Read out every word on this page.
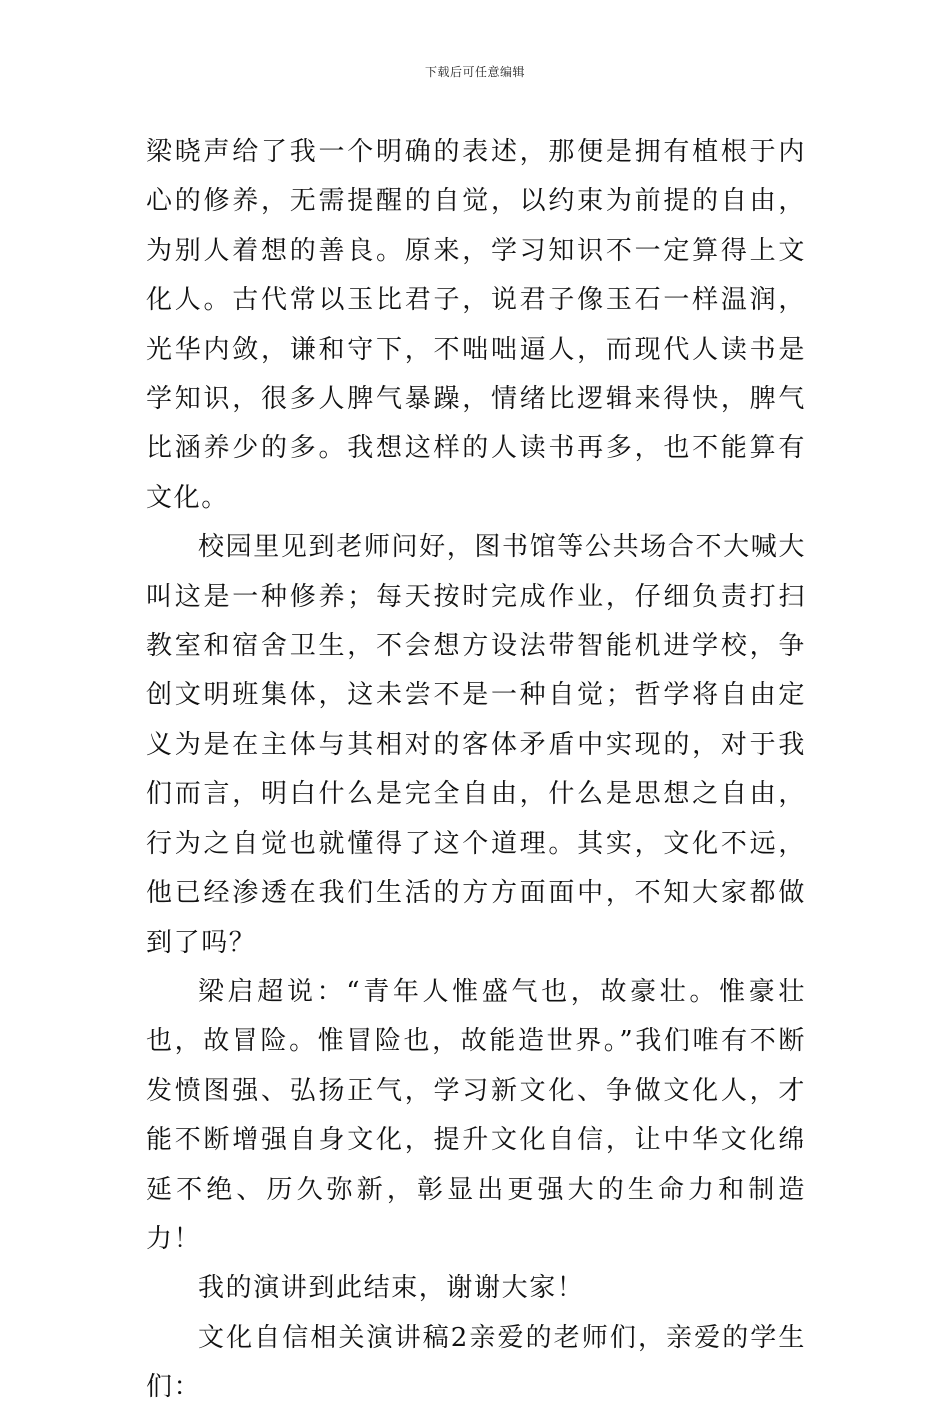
下载后可任意编辑

梁晓声给了我一个明确的表述，那便是拥有植根于内心的修养，无需提醒的自觉，以约束为前提的自由，为别人着想的善良。原来，学习知识不一定算得上文化人。古代常以玉比君子，说君子像玉石一样温润，光华内敛，谦和守下，不咄咄逼人，而现代人读书是学知识，很多人脾气暴躁，情绪比逻辑来得快，脾气比涵养少的多。我想这样的人读书再多，也不能算有文化。

校园里见到老师问好，图书馆等公共场合不大喊大叫这是一种修养；每天按时完成作业，仔细负责打扫教室和宿舍卫生，不会想方设法带智能机进学校，争创文明班集体，这未尝不是一种自觉；哲学将自由定义为是在主体与其相对的客体矛盾中实现的，对于我们而言，明白什么是完全自由，什么是思想之自由，行为之自觉也就懂得了这个道理。其实，文化不远，他已经渗透在我们生活的方方面面中，不知大家都做到了吗？

梁启超说：“青年人惟盛气也，故豪壮。惟豪壮也，故冒险。惟冒险也，故能造世界。”我们唯有不断发愤图强、弘扬正气，学习新文化、争做文化人，才能不断增强自身文化，提升文化自信，让中华文化绵延不绝、历久弥新，彰显出更强大的生命力和制造力！

我的演讲到此结束，谢谢大家！

文化自信相关演讲稿2亲爱的老师们，亲爱的学生们：
